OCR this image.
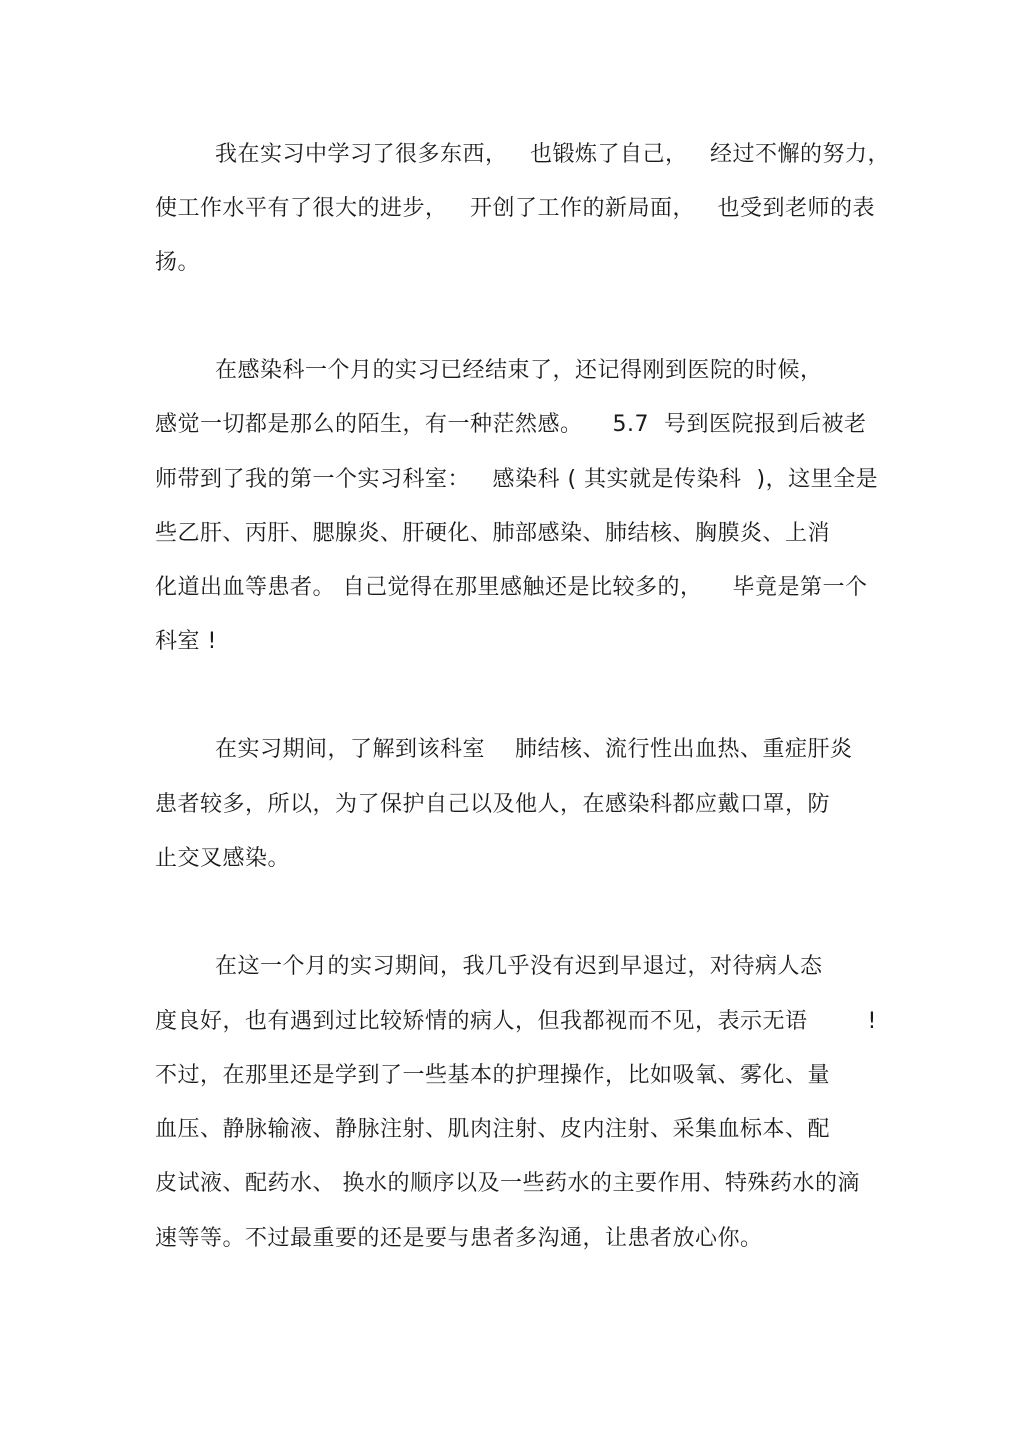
我在实习中学习了很多东西，   也锻炼了自己，   经过不懈的努力，
使工作水平有了很大的进步，   开创了工作的新局面，   也受到老师的表
扬。
在感染科一个月的实习已经结束了，还记得刚到医院的时候，
感觉一切都是那么的陌生，有一种茫然感。    5.7  号到医院报到后被老
师带到了我的第一个实习科室：   感染科 ( 其实就是传染科  )，这里全是
些乙肝、丙肝、腮腺炎、肝硬化、肺部感染、肺结核、胸膜炎、上消
化道出血等患者。 自己觉得在那里感触还是比较多的，    毕竟是第一个
科室 !
在实习期间，了解到该科室    肺结核、流行性出血热、重症肝炎
患者较多，所以，为了保护自己以及他人，在感染科都应戴口罩，防
止交叉感染。
在这一个月的实习期间，我几乎没有迟到早退过，对待病人态
度良好，也有遇到过比较矫情的病人，但我都视而不见，表示无语        !
不过，在那里还是学到了一些基本的护理操作，比如吸氧、雾化、量
血压、静脉输液、静脉注射、肌肉注射、皮内注射、采集血标本、配
皮试液、配药水、 换水的顺序以及一些药水的主要作用、特殊药水的滴
速等等。不过最重要的还是要与患者多沟通，让患者放心你。
